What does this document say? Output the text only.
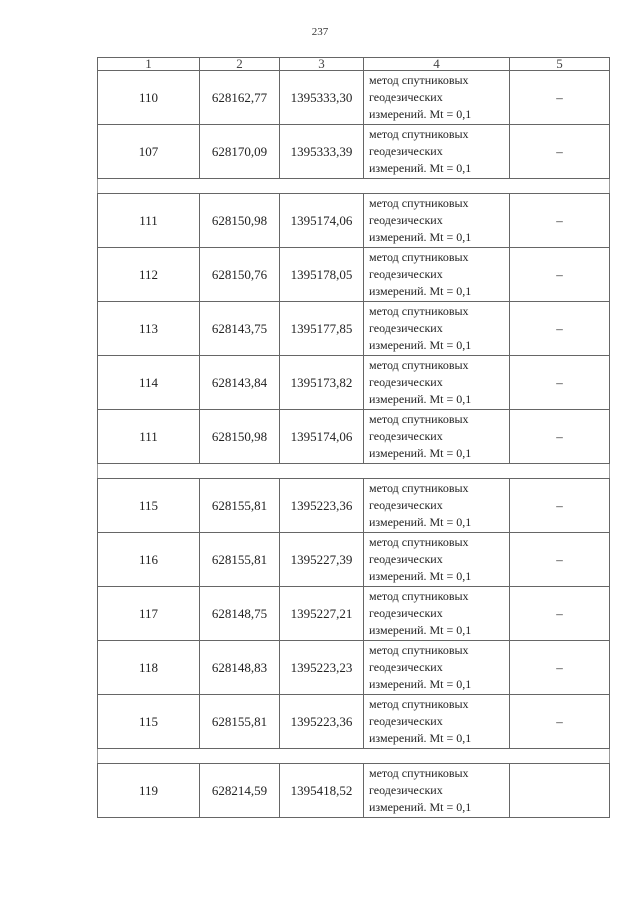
237
1	2	3	4	5
110	628162,77	1395333,30	метод спутниковых
геодезических
измерений. Mt = 0,1	–
107	628170,09	1395333,39	метод спутниковых
геодезических
измерений. Mt = 0,1	–

111	628150,98	1395174,06	метод спутниковых
геодезических
измерений. Mt = 0,1	–
112	628150,76	1395178,05	метод спутниковых
геодезических
измерений. Mt = 0,1	–
113	628143,75	1395177,85	метод спутниковых
геодезических
измерений. Mt = 0,1	–
114	628143,84	1395173,82	метод спутниковых
геодезических
измерений. Mt = 0,1	–
111	628150,98	1395174,06	метод спутниковых
геодезических
измерений. Mt = 0,1	–

115	628155,81	1395223,36	метод спутниковых
геодезических
измерений. Mt = 0,1	–
116	628155,81	1395227,39	метод спутниковых
геодезических
измерений. Mt = 0,1	–
117	628148,75	1395227,21	метод спутниковых
геодезических
измерений. Mt = 0,1	–
118	628148,83	1395223,23	метод спутниковых
геодезических
измерений. Mt = 0,1	–
115	628155,81	1395223,36	метод спутниковых
геодезических
измерений. Mt = 0,1	–

119	628214,59	1395418,52	метод спутниковых
геодезических
измерений. Mt = 0,1	
